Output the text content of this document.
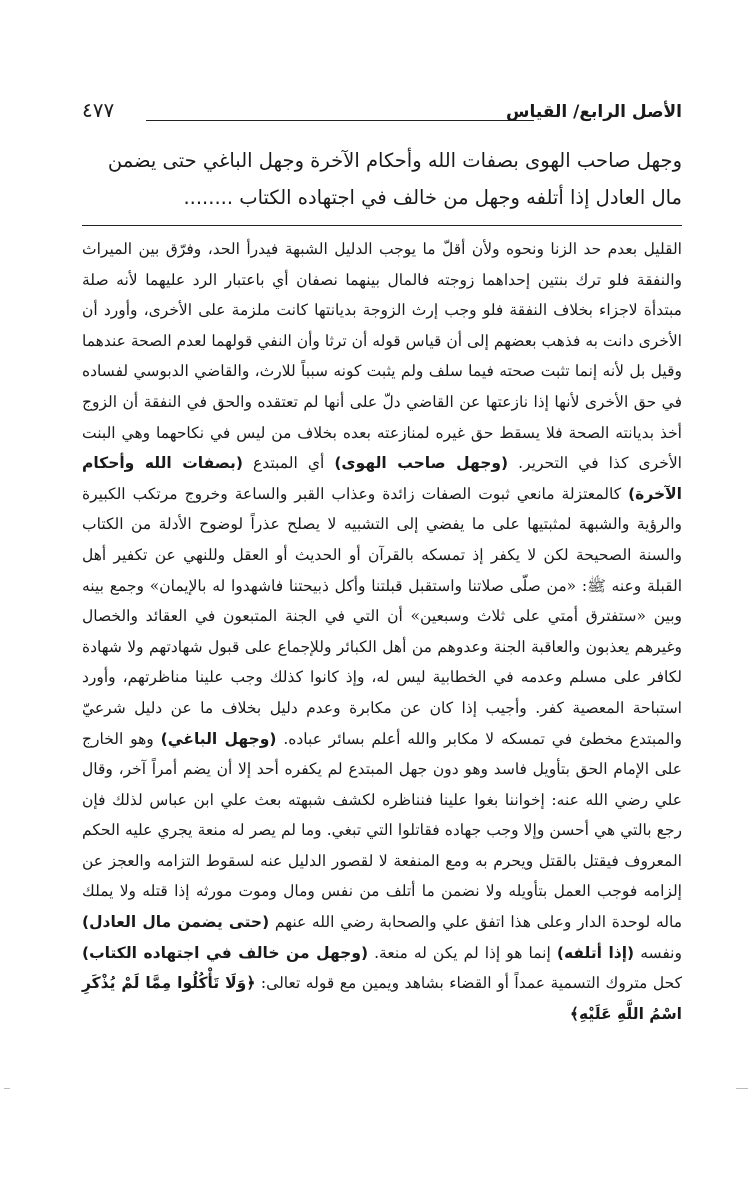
الأصل الرابع/ القياس
٤٧٧

وجهل صاحب الهوى بصفات الله وأحكام الآخرة وجهل الباغي حتى يضمن

مال العادل إذا أتلفه وجهل من خالف في اجتهاده الكتاب ........

القليل بعدم حد الزنا ونحوه ولأن أقلّ ما يوجب الدليل الشبهة فيدرأ الحد، وفرّق بين الميراث والنفقة فلو ترك بنتين إحداهما زوجته فالمال بينهما نصفان أي باعتبار الرد عليهما لأنه صلة مبتدأة لاجزاء بخلاف النفقة فلو وجب إرث الزوجة بديانتها كانت ملزمة على الأخرى، وأورد أن الأخرى دانت به فذهب بعضهم إلى أن قياس قوله أن ترثا وأن النفي قولهما لعدم الصحة عندهما وقيل بل لأنه إنما تثبت صحته فيما سلف ولم يثبت كونه سبباً للارث، والقاضي الدبوسي لفساده في حق الأخرى لأنها إذا نازعتها عن القاضي دلّ على أنها لم تعتقده والحق في النفقة أن الزوج أخذ بديانته الصحة فلا يسقط حق غيره لمنازعته بعده بخلاف من ليس في نكاحهما وهي البنت الأخرى كذا في التحرير. (وجهل صاحب الهوى) أي المبتدع (بصفات الله وأحكام الآخرة) كالمعتزلة مانعي ثبوت الصفات زائدة وعذاب القبر والساعة وخروج مرتكب الكبيرة والرؤية والشبهة لمثبتيها على ما يفضي إلى التشبيه لا يصلح عذراً لوضوح الأدلة من الكتاب والسنة الصحيحة لكن لا يكفر إذ تمسكه بالقرآن أو الحديث أو العقل وللنهي عن تكفير أهل القبلة وعنه ﷺ: «من صلّى صلاتنا واستقبل قبلتنا وأكل ذبيحتنا فاشهدوا له بالإيمان» وجمع بينه وبين «ستفترق أمتي على ثلاث وسبعين» أن التي في الجنة المتبعون في العقائد والخصال وغيرهم يعذبون والعاقبة الجنة وعدوهم من أهل الكبائر وللإجماع على قبول شهادتهم ولا شهادة لكافر على مسلم وعدمه في الخطابية ليس له، وإذ كانوا كذلك وجب علينا مناظرتهم، وأورد استباحة المعصية كفر. وأجيب إذا كان عن مكابرة وعدم دليل بخلاف ما عن دليل شرعيّ والمبتدع مخطئ في تمسكه لا مكابر والله أعلم بسائر عباده. (وجهل الباغي) وهو الخارج على الإمام الحق بتأويل فاسد وهو دون جهل المبتدع لم يكفره أحد إلا أن يضم أمراً آخر، وقال علي رضي الله عنه: إخواننا بغوا علينا فنناظره لكشف شبهته بعث علي ابن عباس لذلك فإن رجع بالتي هي أحسن وإلا وجب جهاده فقاتلوا التي تبغي. وما لم يصر له منعة يجري عليه الحكم المعروف فيقتل بالقتل ويحرم به ومع المنفعة لا لقصور الدليل عنه لسقوط التزامه والعجز عن إلزامه فوجب العمل بتأويله ولا نضمن ما أتلف من نفس ومال وموت مورثه إذا قتله ولا يملك ماله لوحدة الدار وعلى هذا اتفق علي والصحابة رضي الله عنهم (حتى يضمن مال العادل) ونفسه (إذا أتلفه) إنما هو إذا لم يكن له منعة. (وجهل من خالف في اجتهاده الكتاب) كحل متروك التسمية عمداً أو القضاء بشاهد ويمين مع قوله تعالى: ﴿وَلَا تَأْكُلُوا مِمَّا لَمْ يُذْكَرِ اسْمُ اللَّهِ عَلَيْهِ﴾
